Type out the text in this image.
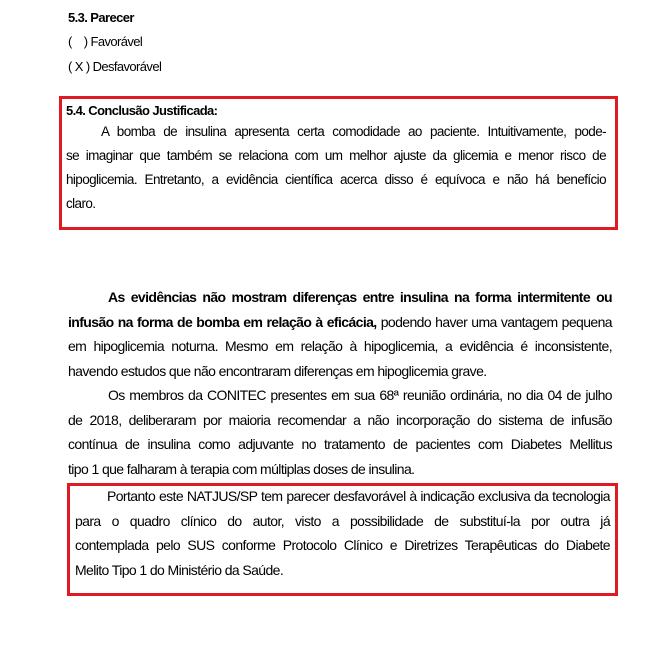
5.3. Parecer
(    ) Favorável
( X ) Desfavorável
5.4. Conclusão Justificada:
A bomba de insulina apresenta certa comodidade ao paciente. Intuitivamente, pode-
se imaginar que também se relaciona com um melhor ajuste da glicemia e menor risco de
hipoglicemia. Entretanto, a evidência científica acerca disso é equívoca e não há benefício
claro.
As evidências não mostram diferenças entre insulina na forma intermitente ou
infusão na forma de bomba em relação à eficácia, podendo haver uma vantagem pequena
em hipoglicemia noturna. Mesmo em relação à hipoglicemia, a evidência é inconsistente,
havendo estudos que não encontraram diferenças em hipoglicemia grave.
Os membros da CONITEC presentes em sua 68ª reunião ordinária, no dia 04 de julho
de 2018, deliberaram por maioria recomendar a não incorporação do sistema de infusão
contínua de insulina como adjuvante no tratamento de pacientes com Diabetes Mellitus
tipo 1 que falharam à terapia com múltiplas doses de insulina.
Portanto este NATJUS/SP tem parecer desfavorável à indicação exclusiva da tecnologia
para o quadro clínico do autor, visto a possibilidade de substituí-la por outra já
contemplada pelo SUS conforme Protocolo Clínico e Diretrizes Terapêuticas do Diabete
Melito Tipo 1 do Ministério da Saúde.
